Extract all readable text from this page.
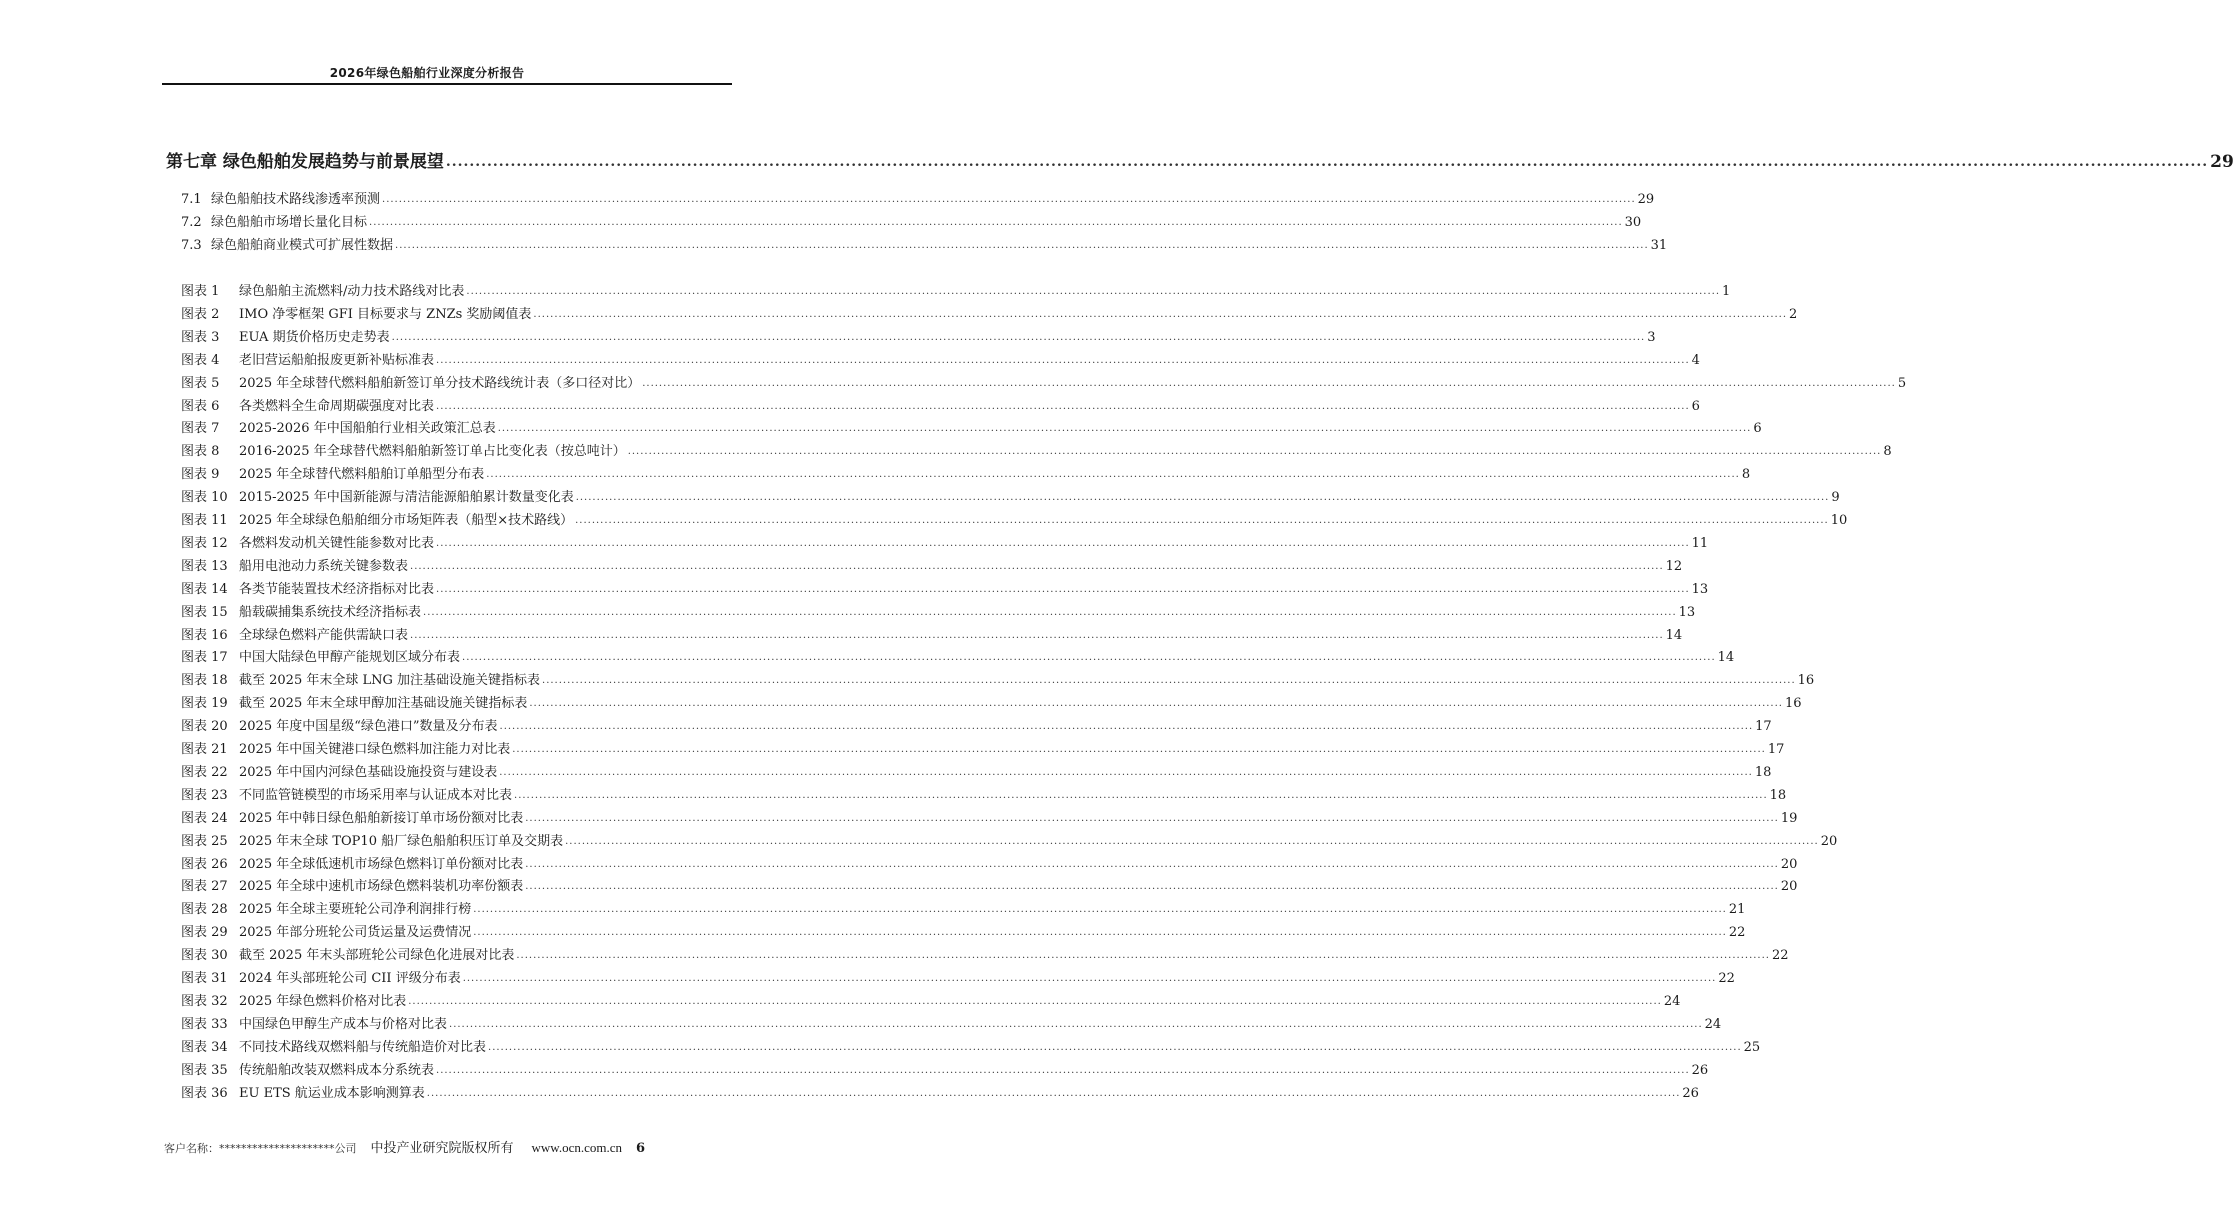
2026年绿色船舶行业深度分析报告
第七章 绿色船舶发展趋势与前景展望 ............................................................................................................................................................................................................................................................................................................ 29
7.1 绿色船舶技术路线渗透率预测 ............................................................................................................................................................................................................................................................................................................ 29
7.2 绿色船舶市场增长量化目标 ............................................................................................................................................................................................................................................................................................................ 30
7.3 绿色船舶商业模式可扩展性数据 ............................................................................................................................................................................................................................................................................................................ 31
图表 1	绿色船舶主流燃料/动力技术路线对比表 ............................................................................................................................................................................................................................................................................................................ 1
图表 2	IMO 净零框架 GFI 目标要求与 ZNZs 奖励阈值表 ............................................................................................................................................................................................................................................................................................................ 2
图表 3	EUA 期货价格历史走势表 ............................................................................................................................................................................................................................................................................................................ 3
图表 4	老旧营运船舶报废更新补贴标准表 ............................................................................................................................................................................................................................................................................................................ 4
图表 5	2025 年全球替代燃料船舶新签订单分技术路线统计表（多口径对比） ............................................................................................................................................................................................................................................................................................................ 5
图表 6	各类燃料全生命周期碳强度对比表 ............................................................................................................................................................................................................................................................................................................ 6
图表 7	2025-2026 年中国船舶行业相关政策汇总表 ............................................................................................................................................................................................................................................................................................................ 6
图表 8	2016-2025 年全球替代燃料船舶新签订单占比变化表（按总吨计） ............................................................................................................................................................................................................................................................................................................ 8
图表 9	2025 年全球替代燃料船舶订单船型分布表 ............................................................................................................................................................................................................................................................................................................ 8
图表 10 2015-2025 年中国新能源与清洁能源船舶累计数量变化表 ............................................................................................................................................................................................................................................................................................................ 9
图表 11 2025 年全球绿色船舶细分市场矩阵表（船型×技术路线） ............................................................................................................................................................................................................................................................................................................ 10
图表 12 各燃料发动机关键性能参数对比表 ............................................................................................................................................................................................................................................................................................................ 11
图表 13 船用电池动力系统关键参数表 ............................................................................................................................................................................................................................................................................................................ 12
图表 14 各类节能装置技术经济指标对比表 ............................................................................................................................................................................................................................................................................................................ 13
图表 15 船载碳捕集系统技术经济指标表 ............................................................................................................................................................................................................................................................................................................ 13
图表 16 全球绿色燃料产能供需缺口表 ............................................................................................................................................................................................................................................................................................................ 14
图表 17 中国大陆绿色甲醇产能规划区域分布表 ............................................................................................................................................................................................................................................................................................................ 14
图表 18 截至 2025 年末全球 LNG 加注基础设施关键指标表 ............................................................................................................................................................................................................................................................................................................ 16
图表 19 截至 2025 年末全球甲醇加注基础设施关键指标表 ............................................................................................................................................................................................................................................................................................................ 16
图表 20 2025 年度中国星级“绿色港口”数量及分布表 ............................................................................................................................................................................................................................................................................................................ 17
图表 21 2025 年中国关键港口绿色燃料加注能力对比表 ............................................................................................................................................................................................................................................................................................................ 17
图表 22 2025 年中国内河绿色基础设施投资与建设表 ............................................................................................................................................................................................................................................................................................................ 18
图表 23 不同监管链模型的市场采用率与认证成本对比表 ............................................................................................................................................................................................................................................................................................................ 18
图表 24 2025 年中韩日绿色船舶新接订单市场份额对比表 ............................................................................................................................................................................................................................................................................................................ 19
图表 25 2025 年末全球 TOP10 船厂绿色船舶积压订单及交期表 ............................................................................................................................................................................................................................................................................................................ 20
图表 26 2025 年全球低速机市场绿色燃料订单份额对比表 ............................................................................................................................................................................................................................................................................................................ 20
图表 27 2025 年全球中速机市场绿色燃料装机功率份额表 ............................................................................................................................................................................................................................................................................................................ 20
图表 28 2025 年全球主要班轮公司净利润排行榜 ............................................................................................................................................................................................................................................................................................................ 21
图表 29 2025 年部分班轮公司货运量及运费情况 ............................................................................................................................................................................................................................................................................................................ 22
图表 30 截至 2025 年末头部班轮公司绿色化进展对比表 ............................................................................................................................................................................................................................................................................................................ 22
图表 31 2024 年头部班轮公司 CII 评级分布表 ............................................................................................................................................................................................................................................................................................................ 22
图表 32 2025 年绿色燃料价格对比表 ............................................................................................................................................................................................................................................................................................................ 24
图表 33 中国绿色甲醇生产成本与价格对比表 ............................................................................................................................................................................................................................................................................................................ 24
图表 34 不同技术路线双燃料船与传统船造价对比表 ............................................................................................................................................................................................................................................................................................................ 25
图表 35 传统船舶改装双燃料成本分系统表 ............................................................................................................................................................................................................................................................................................................ 26
图表 36 EU ETS 航运业成本影响测算表 ............................................................................................................................................................................................................................................................................................................ 26
客户名称：*********************公司 中投产业研究院版权所有 www.ocn.com.cn 6
